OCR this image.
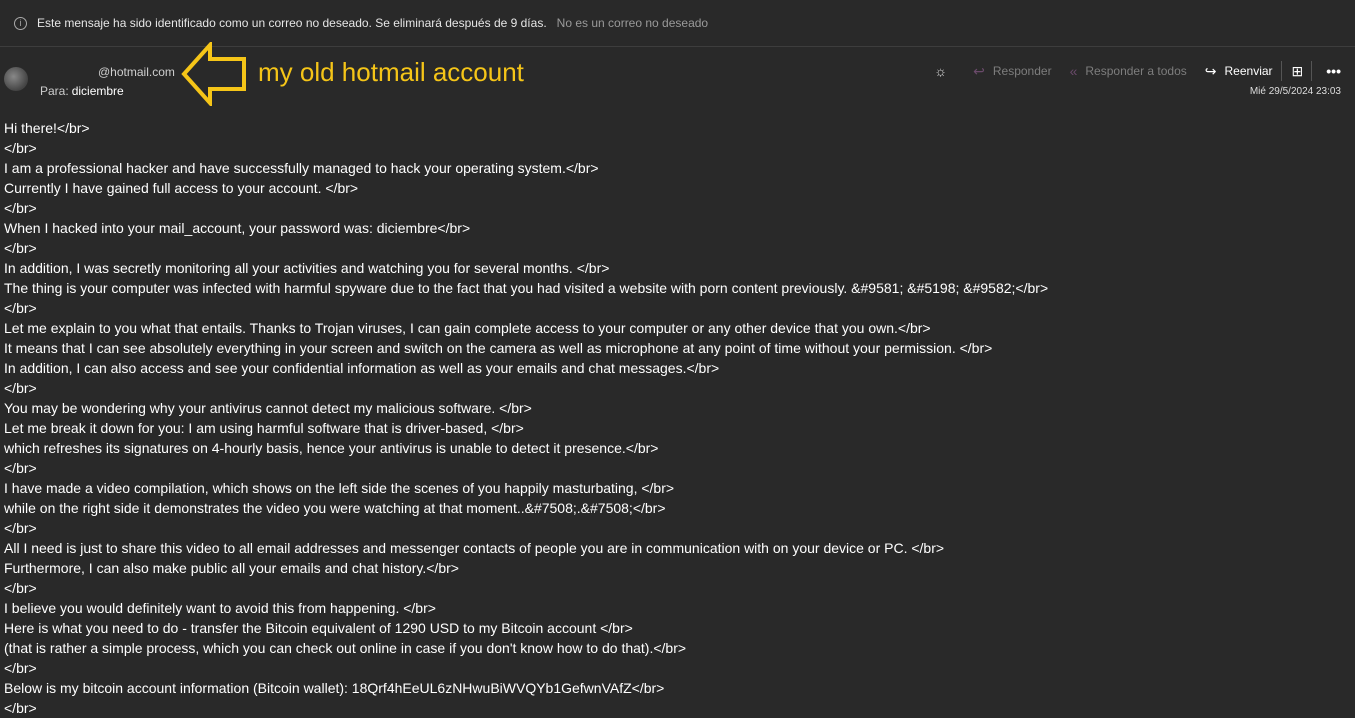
i	Este mensaje ha sido identificado como un correo no deseado. Se eliminará después de 9 días. No es un correo no deseado
@hotmail.com
Para: diciembre
my old hotmail account	☼ ↩ Responder « Responder a todos ↪ Reenviar ⊞ •••
Mié 29/5/2024 23:03
Hi there!</br>
</br>
I am a professional hacker and have successfully managed to hack your operating system.</br>
Currently I have gained full access to your account. </br>
</br>
When I hacked into your mail_account, your password was: diciembre</br>
</br>
In addition, I was secretly monitoring all your activities and watching you for several months. </br>
The thing is your computer was infected with harmful spyware due to the fact that you had visited a website with porn content previously. &#9581; &#5198; &#9582;</br>
</br>
Let me explain to you what that entails. Thanks to Trojan viruses, I can gain complete access to your computer or any other device that you own.</br>
It means that I can see absolutely everything in your screen and switch on the camera as well as microphone at any point of time without your permission. </br>
In addition, I can also access and see your confidential information as well as your emails and chat messages.</br>
</br>
You may be wondering why your antivirus cannot detect my malicious software. </br>
Let me break it down for you: I am using harmful software that is driver-based, </br>
which refreshes its signatures on 4-hourly basis, hence your antivirus is unable to detect it presence.</br>
</br>
I have made a video compilation, which shows on the left side the scenes of you happily masturbating, </br>
while on the right side it demonstrates the video you were watching at that moment..&#7508;.&#7508;</br>
</br>
All I need is just to share this video to all email addresses and messenger contacts of people you are in communication with on your device or PC. </br>
Furthermore, I can also make public all your emails and chat history.</br>
</br>
I believe you would definitely want to avoid this from happening. </br>
Here is what you need to do - transfer the Bitcoin equivalent of 1290 USD to my Bitcoin account </br>
(that is rather a simple process, which you can check out online in case if you don't know how to do that).</br>
</br>
Below is my bitcoin account information (Bitcoin wallet): 18Qrf4hEeUL6zNHwuBiWVQYb1GefwnVAfZ</br>
</br>
